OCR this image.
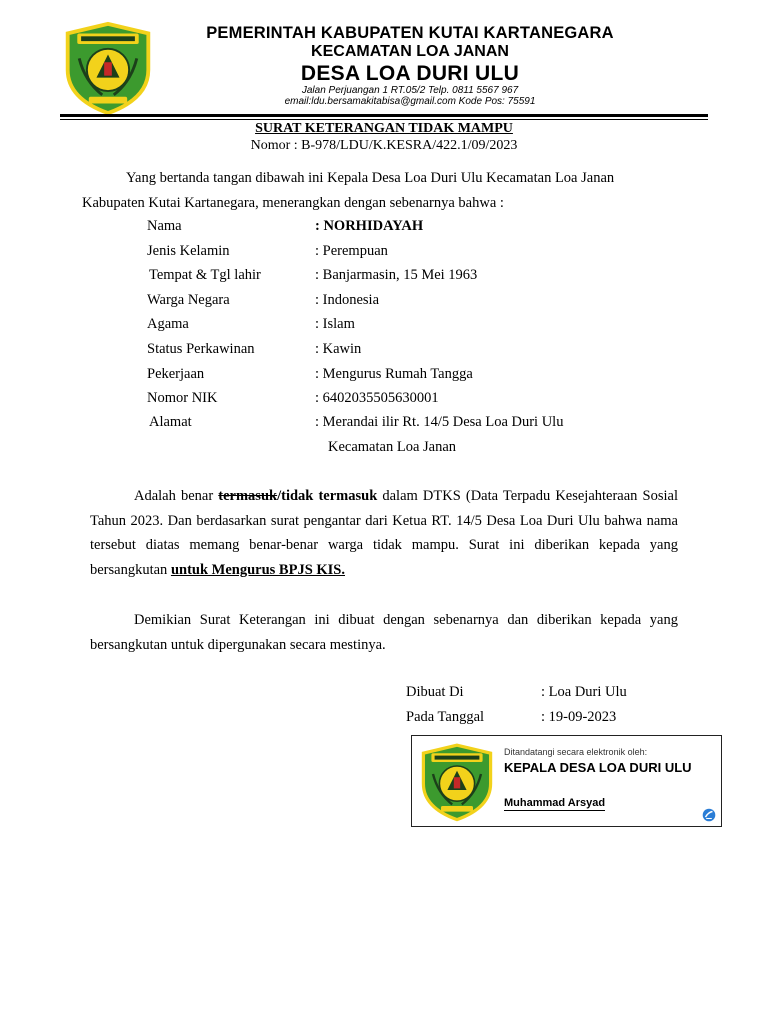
PEMERINTAH KABUPATEN KUTAI KARTANEGARA
KECAMATAN LOA JANAN
DESA LOA DURI ULU
Jalan Perjuangan 1 RT.05/2 Telp. 0811 5567 967
email:ldu.bersamakitabisa@gmail.com Kode Pos: 75591
SURAT KETERANGAN TIDAK MAMPU
Nomor : B-978/LDU/K.KESRA/422.1/09/2023
Yang bertanda tangan dibawah ini Kepala Desa Loa Duri Ulu Kecamatan Loa Janan Kabupaten Kutai Kartanegara, menerangkan dengan sebenarnya bahwa :
Nama	: NORHIDAYAH
Jenis Kelamin	: Perempuan
Tempat & Tgl lahir	: Banjarmasin, 15 Mei 1963
Warga Negara	: Indonesia
Agama	: Islam
Status Perkawinan	: Kawin
Pekerjaan	: Mengurus Rumah Tangga
Nomor NIK	: 6402035505630001
Alamat	: Merandai ilir Rt. 14/5 Desa Loa Duri Ulu
Kecamatan Loa Janan
Adalah benar termasuk/tidak termasuk dalam DTKS (Data Terpadu Kesejahteraan Sosial Tahun 2023. Dan berdasarkan surat pengantar dari Ketua RT. 14/5 Desa Loa Duri Ulu bahwa nama tersebut diatas memang benar-benar warga tidak mampu. Surat ini diberikan kepada yang bersangkutan untuk Mengurus BPJS KIS.
Demikian Surat Keterangan ini dibuat dengan sebenarnya dan diberikan kepada yang bersangkutan untuk dipergunakan secara mestinya.
Dibuat Di	: Loa Duri Ulu
Pada Tanggal	: 19-09-2023
Ditandatangi secara elektronik oleh:
KEPALA DESA LOA DURI ULU
Muhammad Arsyad
